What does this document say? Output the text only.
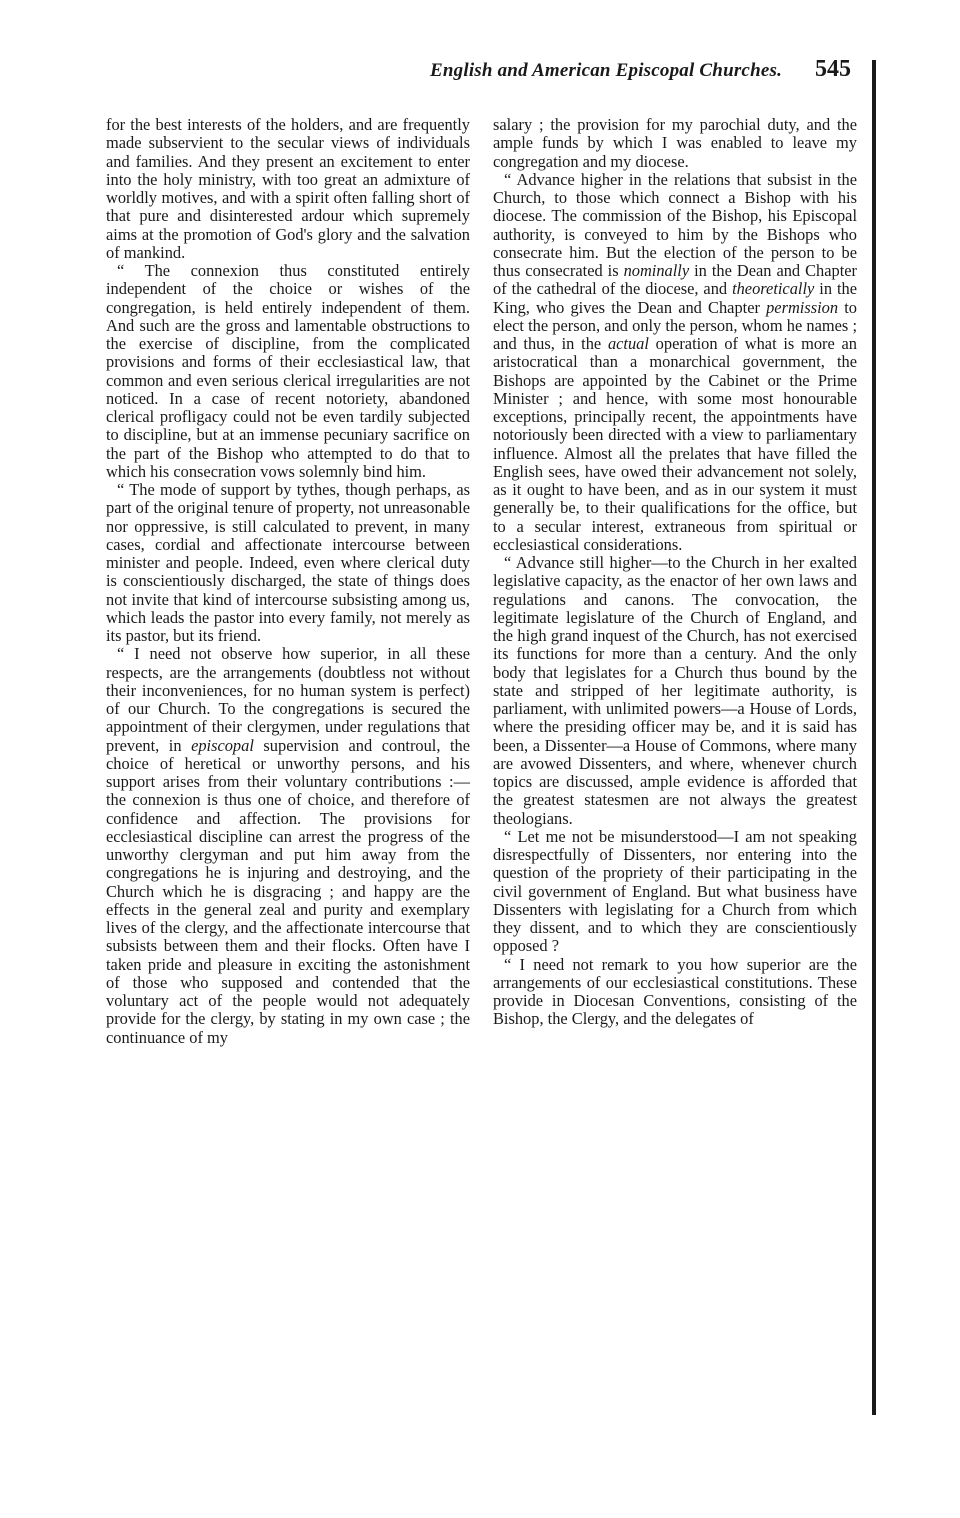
English and American Episcopal Churches. 545

for the best interests of the holders, and are frequently made subservient to the secular views of individuals and families. And they present an excitement to enter into the holy ministry, with too great an admixture of worldly motives, and with a spirit often falling short of that pure and disinterested ardour which supremely aims at the promotion of God's glory and the salvation of mankind.

“ The connexion thus constituted entirely independent of the choice or wishes of the congregation, is held entirely independent of them. And such are the gross and lamentable obstructions to the exercise of discipline, from the complicated provisions and forms of their ecclesiastical law, that common and even serious clerical irregularities are not noticed. In a case of recent notoriety, abandoned clerical profligacy could not be even tardily subjected to discipline, but at an immense pecuniary sacrifice on the part of the Bishop who attempted to do that to which his consecration vows solemnly bind him.

“ The mode of support by tythes, though perhaps, as part of the original tenure of property, not unreasonable nor oppressive, is still calculated to prevent, in many cases, cordial and affectionate intercourse between minister and people. Indeed, even where clerical duty is conscientiously discharged, the state of things does not invite that kind of intercourse subsisting among us, which leads the pastor into every family, not merely as its pastor, but its friend.

“ I need not observe how superior, in all these respects, are the arrangements (doubtless not without their inconveniences, for no human system is perfect) of our Church. To the congregations is secured the appointment of their clergymen, under regulations that prevent, in episcopal supervision and controul, the choice of heretical or unworthy persons, and his support arises from their voluntary contributions :— the connexion is thus one of choice, and therefore of confidence and affection. The provisions for ecclesiastical discipline can arrest the progress of the unworthy clergyman and put him away from the congregations he is injuring and destroying, and the Church which he is disgracing ; and happy are the effects in the general zeal and purity and exemplary lives of the clergy, and the affectionate intercourse that subsists between them and their flocks. Often have I taken pride and pleasure in exciting the astonishment of those who supposed and contended that the voluntary act of the people would not adequately provide for the clergy, by stating in my own case ; the continuance of my

salary ; the provision for my parochial duty, and the ample funds by which I was enabled to leave my congregation and my diocese.

“ Advance higher in the relations that subsist in the Church, to those which connect a Bishop with his diocese. The commission of the Bishop, his Episcopal authority, is conveyed to him by the Bishops who consecrate him. But the election of the person to be thus consecrated is nominally in the Dean and Chapter of the cathedral of the diocese, and theoretically in the King, who gives the Dean and Chapter permission to elect the person, and only the person, whom he names ; and thus, in the actual operation of what is more an aristocratical than a monarchical government, the Bishops are appointed by the Cabinet or the Prime Minister ; and hence, with some most honourable exceptions, principally recent, the appointments have notoriously been directed with a view to parliamentary influence. Almost all the prelates that have filled the English sees, have owed their advancement not solely, as it ought to have been, and as in our system it must generally be, to their qualifications for the office, but to a secular interest, extraneous from spiritual or ecclesiastical considerations.

“ Advance still higher—to the Church in her exalted legislative capacity, as the enactor of her own laws and regulations and canons. The convocation, the legitimate legislature of the Church of England, and the high grand inquest of the Church, has not exercised its functions for more than a century. And the only body that legislates for a Church thus bound by the state and stripped of her legitimate authority, is parliament, with unlimited powers—a House of Lords, where the presiding officer may be, and it is said has been, a Dissenter—a House of Commons, where many are avowed Dissenters, and where, whenever church topics are discussed, ample evidence is afforded that the greatest statesmen are not always the greatest theologians.

“ Let me not be misunderstood—I am not speaking disrespectfully of Dissenters, nor entering into the question of the propriety of their participating in the civil government of England. But what business have Dissenters with legislating for a Church from which they dissent, and to which they are conscientiously opposed ?

“ I need not remark to you how superior are the arrangements of our ecclesiastical constitutions. These provide in Diocesan Conventions, consisting of the Bishop, the Clergy, and the delegates of
